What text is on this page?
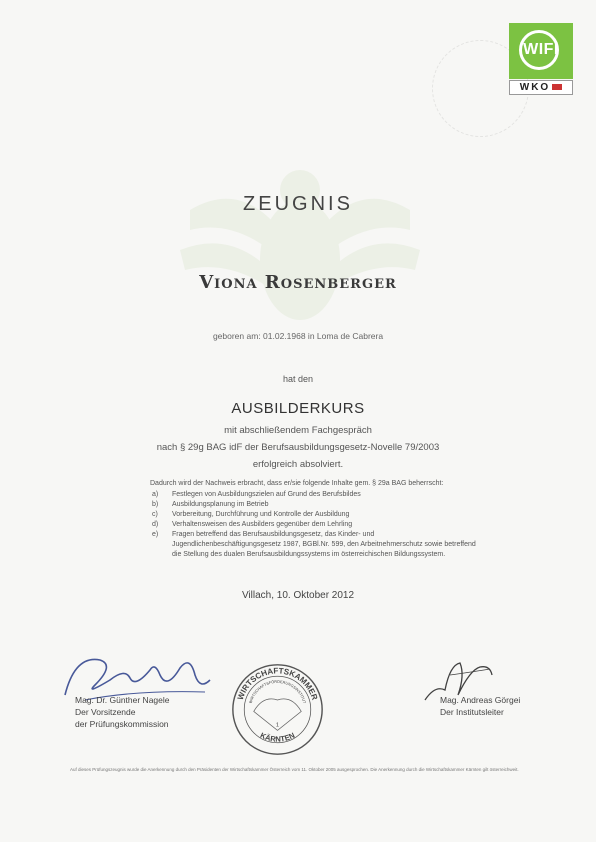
WIFI
WKO
ZEUGNIS
Viona Rosenberger
geboren am: 01.02.1968 in Loma de Cabrera
hat den
AUSBILDERKURS
mit abschließendem Fachgespräch
nach § 29g BAG idF der Berufsausbildungsgesetz-Novelle 79/2003
erfolgreich absolviert.
Dadurch wird der Nachweis erbracht, dass er/sie folgende Inhalte gem. § 29a BAG beherrscht:
a)	Festlegen von Ausbildungszielen auf Grund des Berufsbildes
b)	Ausbildungsplanung im Betrieb
c)	Vorbereitung, Durchführung und Kontrolle der Ausbildung
d)	Verhaltensweisen des Ausbilders gegenüber dem Lehrling
e)	Fragen betreffend das Berufsausbildungsgesetz, das Kinder- und Jugendlichenbeschäftigungsgesetz 1987, BGBl.Nr. 599, den Arbeitnehmerschutz sowie betreffend die Stellung des dualen Berufsausbildungssystems im österreichischen Bildungssystem.
Villach, 10. Oktober 2012
Mag. Dr. Günther Nagele
Der Vorsitzende
der Prüfungskommission
WIRTSCHAFTSKAMMER
WIRTSCHAFTSFÖRDERUNGSINSTITUT
KÄRNTEN
1
Mag. Andreas Görgei
Der Institutsleiter
Auf dieses Prüfungszeugnis wurde die Anerkennung durch den Präsidenten der Wirtschaftskammer Österreich vom 11. Oktober 2005 ausgesprochen. Die Anerkennung durch die Wirtschaftskammer Kärnten gilt österreichweit.
